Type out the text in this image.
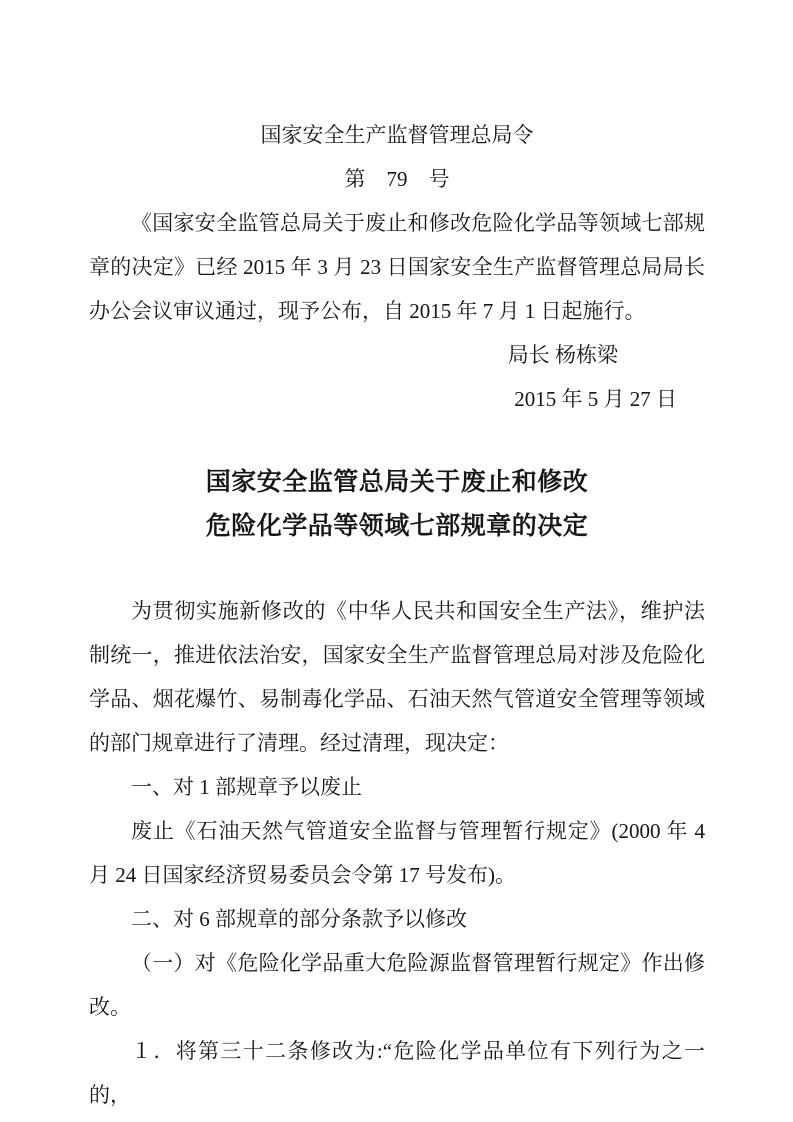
国家安全生产监督管理总局令

第　79　号

《国家安全监管总局关于废止和修改危险化学品等领域七部规章的决定》已经 2015 年 3 月 23 日国家安全生产监督管理总局局长办公会议审议通过，现予公布，自 2015 年 7 月 1 日起施行。

局长 杨栋梁

2015 年 5 月 27 日

国家安全监管总局关于废止和修改

危险化学品等领域七部规章的决定

为贯彻实施新修改的《中华人民共和国安全生产法》，维护法制统一，推进依法治安，国家安全生产监督管理总局对涉及危险化学品、烟花爆竹、易制毒化学品、石油天然气管道安全管理等领域的部门规章进行了清理。经过清理，现决定：

一、对 1 部规章予以废止

废止《石油天然气管道安全监督与管理暂行规定》(2000 年 4 月 24 日国家经济贸易委员会令第 17 号发布)。

二、对 6 部规章的部分条款予以修改

（一）对《危险化学品重大危险源监督管理暂行规定》作出修改。

１．将第三十二条修改为:“危险化学品单位有下列行为之一的，
